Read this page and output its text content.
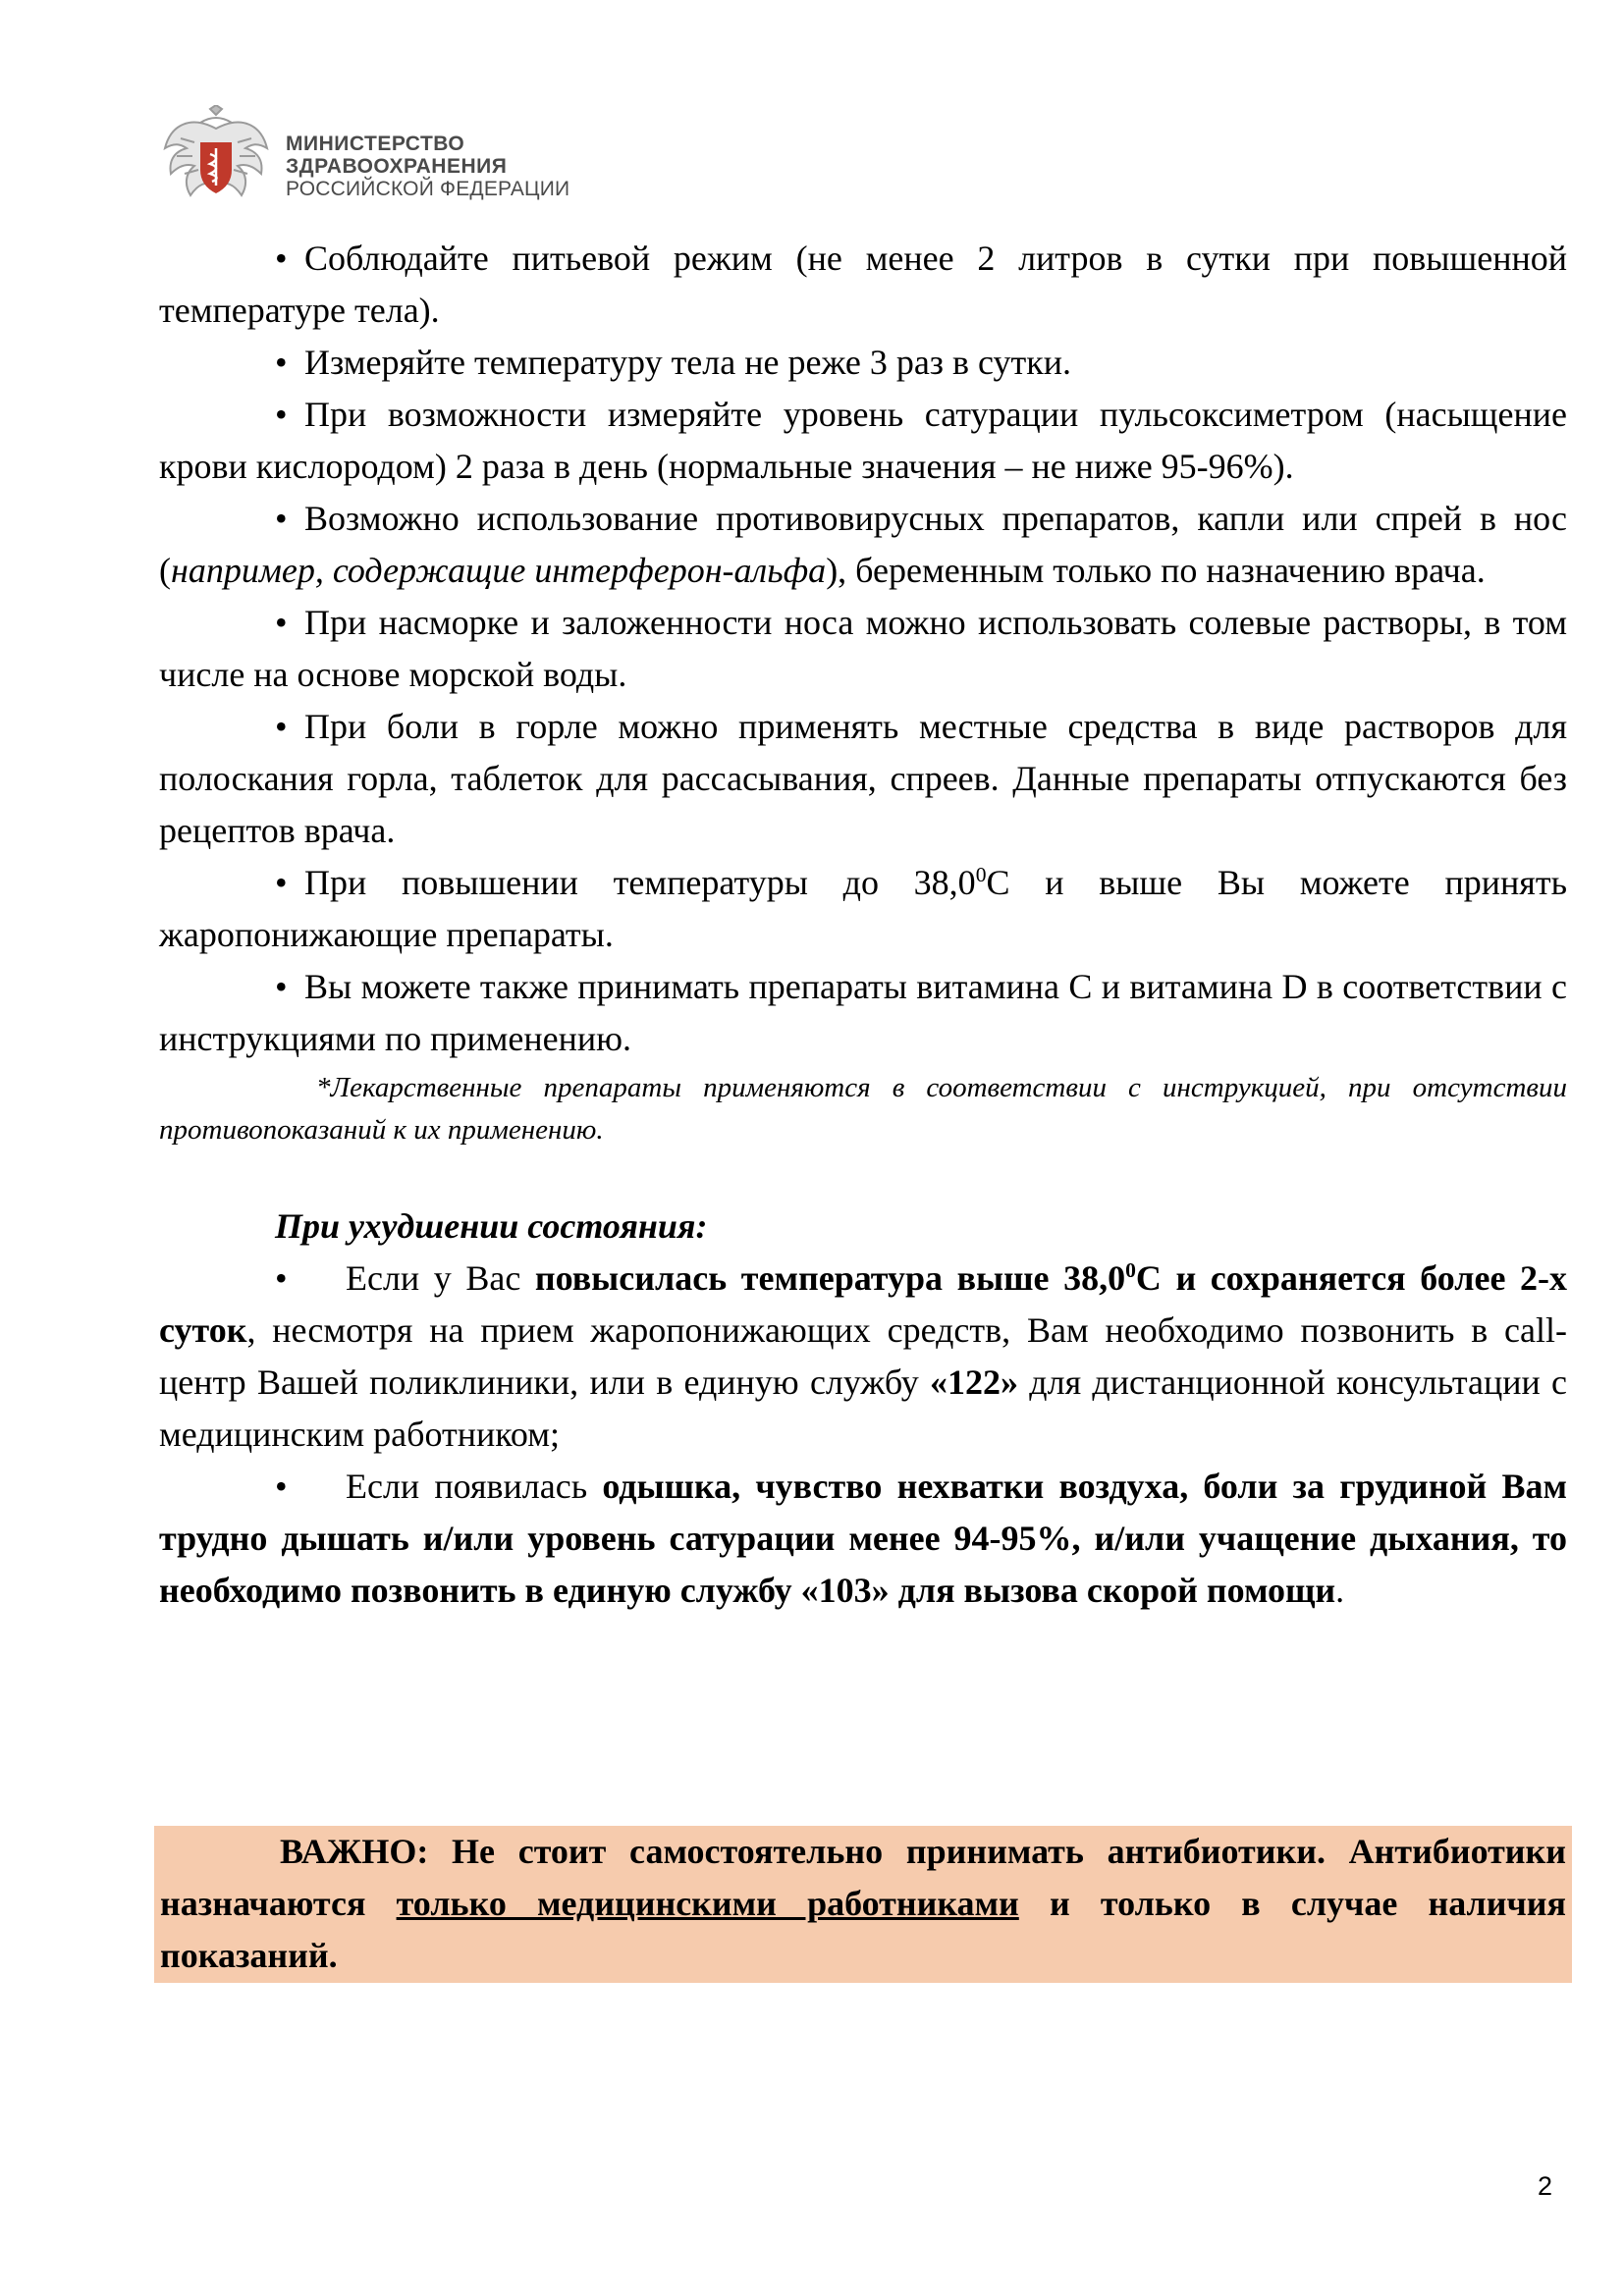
МИНИСТЕРСТВО
ЗДРАВООХРАНЕНИЯ
РОССИЙСКОЙ ФЕДЕРАЦИИ

• Соблюдайте питьевой режим (не менее 2 литров в сутки при повышенной температуре тела).

• Измеряйте температуру тела не реже 3 раз в сутки.

• При возможности измеряйте уровень сатурации пульсоксиметром (насыщение крови кислородом) 2 раза в день (нормальные значения – не ниже 95-96%).

• Возможно использование противовирусных препаратов, капли или спрей в нос (например, содержащие интерферон-альфа), беременным только по назначению врача.

• При насморке и заложенности носа можно использовать солевые растворы, в том числе на основе морской воды.

• При боли в горле можно применять местные средства в виде растворов для полоскания горла, таблеток для рассасывания, спреев. Данные препараты отпускаются без рецептов врача.

• При повышении температуры до 38,0$^0$С и выше Вы можете принять жаропонижающие препараты.

• Вы можете также принимать препараты витамина С и витамина D в соответствии с инструкциями по применению.

*Лекарственные препараты применяются в соответствии с инструкцией, при отсутствии противопоказаний к их применению.

При ухудшении состояния:

• Если у Вас повысилась температура выше 38,0$^0$С и сохраняется более 2-х суток, несмотря на прием жаропонижающих средств, Вам необходимо позвонить в call-центр Вашей поликлиники, или в единую службу «122» для дистанционной консультации с медицинским работником;

• Если появилась одышка, чувство нехватки воздуха, боли за грудиной Вам трудно дышать и/или уровень сатурации менее 94-95%, и/или учащение дыхания, то необходимо позвонить в единую службу «103» для вызова скорой помощи.

ВАЖНО: Не стоит самостоятельно принимать антибиотики. Антибиотики назначаются только медицинскими работниками и только в случае наличия показаний.

2
